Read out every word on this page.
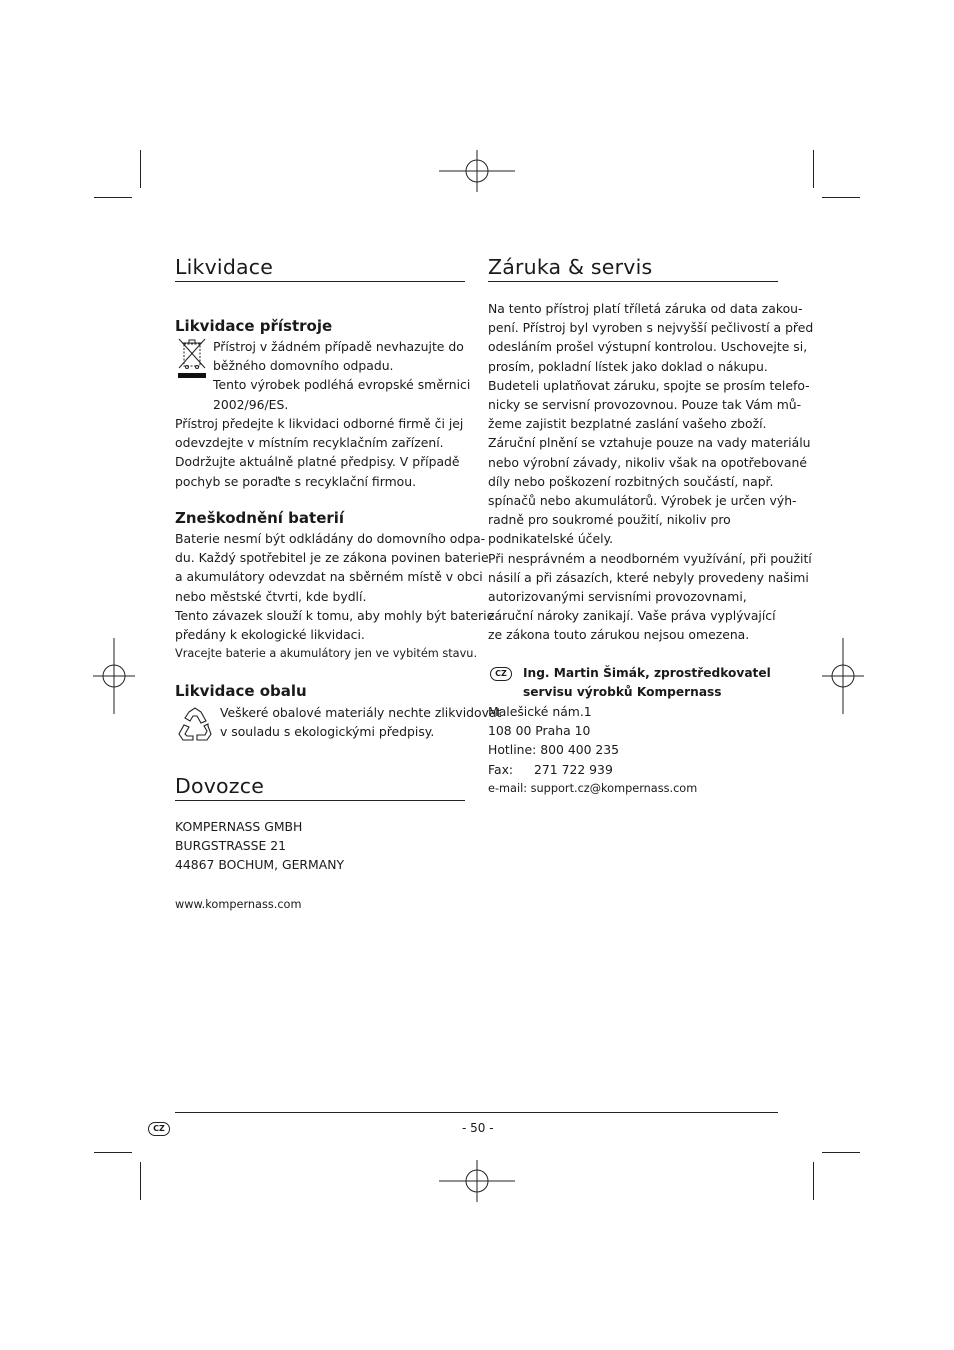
Likvidace
Likvidace přístroje
Přístroj v žádném případě nevhazujte do
běžného domovního odpadu.
Tento výrobek podléhá evropské směrnici
2002/96/ES.
Přístroj předejte k likvidaci odborné firmě či jej
odevzdejte v místním recyklačním zařízení.
Dodržujte aktuálně platné předpisy. V případě
pochyb se poraďte s recyklační firmou.
Zneškodnění baterií
Baterie nesmí být odkládány do domovního odpa-
du. Každý spotřebitel je ze zákona povinen baterie
a akumulátory odevzdat na sběrném místě v obci
nebo městské čtvrti, kde bydlí.
Tento závazek slouží k tomu, aby mohly být baterie
předány k ekologické likvidaci.
Vracejte baterie a akumulátory jen ve vybitém stavu.
Likvidace obalu
Veškeré obalové materiály nechte zlikvidovat
v souladu s ekologickými předpisy.
Dovozce
KOMPERNASS GMBH
BURGSTRASSE 21
44867 BOCHUM, GERMANY
www.kompernass.com
Záruka & servis
Na tento přístroj platí tříletá záruka od data zakou-
pení. Přístroj byl vyroben s nejvyšší pečlivostí a před
odesláním prošel výstupní kontrolou. Uschovejte si,
prosím, pokladní lístek jako doklad o nákupu.
Budeteli uplatňovat záruku, spojte se prosím telefo-
nicky se servisní provozovnou. Pouze tak Vám mů-
žeme zajistit bezplatné zaslání vašeho zboží.
Záruční plnění se vztahuje pouze na vady materiálu
nebo výrobní závady, nikoliv však na opotřebované
díly nebo poškození rozbitných součástí, např.
spínačů nebo akumulátorů. Výrobek je určen výh-
radně pro soukromé použití, nikoliv pro
podnikatelské účely.
Při nesprávném a neodborném využívání, při použití
násilí a při zásazích, které nebyly provedeny našimi
autorizovanými servisními provozovnami,
záruční nároky zanikají. Vaše práva vyplývající
ze zákona touto zárukou nejsou omezena.
CZ	Ing. Martin Šimák, zprostředkovatel
servisu výrobků Kompernass
Malešické nám.1
108 00 Praha 10
Hotline: 800 400 235
Fax: 271 722 939
e-mail: support.cz@kompernass.com
CZ	- 50 -
